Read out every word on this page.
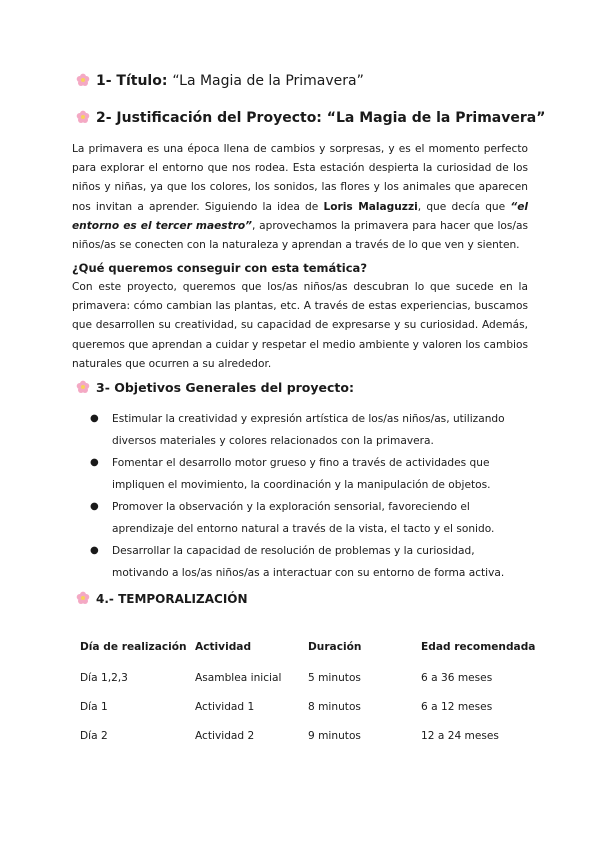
1- Título: “La Magia de la Primavera”
2- Justificación del Proyecto: “La Magia de la Primavera”

La primavera es una época llena de cambios y sorpresas, y es el momento perfecto para explorar el entorno que nos rodea. Esta estación despierta la curiosidad de los niños y niñas, ya que los colores, los sonidos, las flores y los animales que aparecen nos invitan a aprender. Siguiendo la idea de Loris Malaguzzi, que decía que “el entorno es el tercer maestro”, aprovechamos la primavera para hacer que los/as niños/as se conecten con la naturaleza y aprendan a través de lo que ven y sienten.

¿Qué queremos conseguir con esta temática?

Con este proyecto, queremos que los/as niños/as descubran lo que sucede en la primavera: cómo cambian las plantas, etc. A través de estas experiencias, buscamos que desarrollen su creatividad, su capacidad de expresarse y su curiosidad. Además, queremos que aprendan a cuidar y respetar el medio ambiente y valoren los cambios naturales que ocurren a su alrededor.

3- Objetivos Generales del proyecto:
● Estimular la creatividad y expresión artística de los/as niños/as, utilizando diversos materiales y colores relacionados con la primavera.
● Fomentar el desarrollo motor grueso y fino a través de actividades que impliquen el movimiento, la coordinación y la manipulación de objetos.
● Promover la observación y la exploración sensorial, favoreciendo el aprendizaje del entorno natural a través de la vista, el tacto y el sonido.
● Desarrollar la capacidad de resolución de problemas y la curiosidad, motivando a los/as niños/as a interactuar con su entorno de forma activa.
4.- TEMPORALIZACIÓN
Día de realización	Actividad	Duración	Edad recomendada
Día 1,2,3	Asamblea inicial	5 minutos	6 a 36 meses
Día 1	Actividad 1	8 minutos	6 a 12 meses
Día 2	Actividad 2	9 minutos	12 a 24 meses
